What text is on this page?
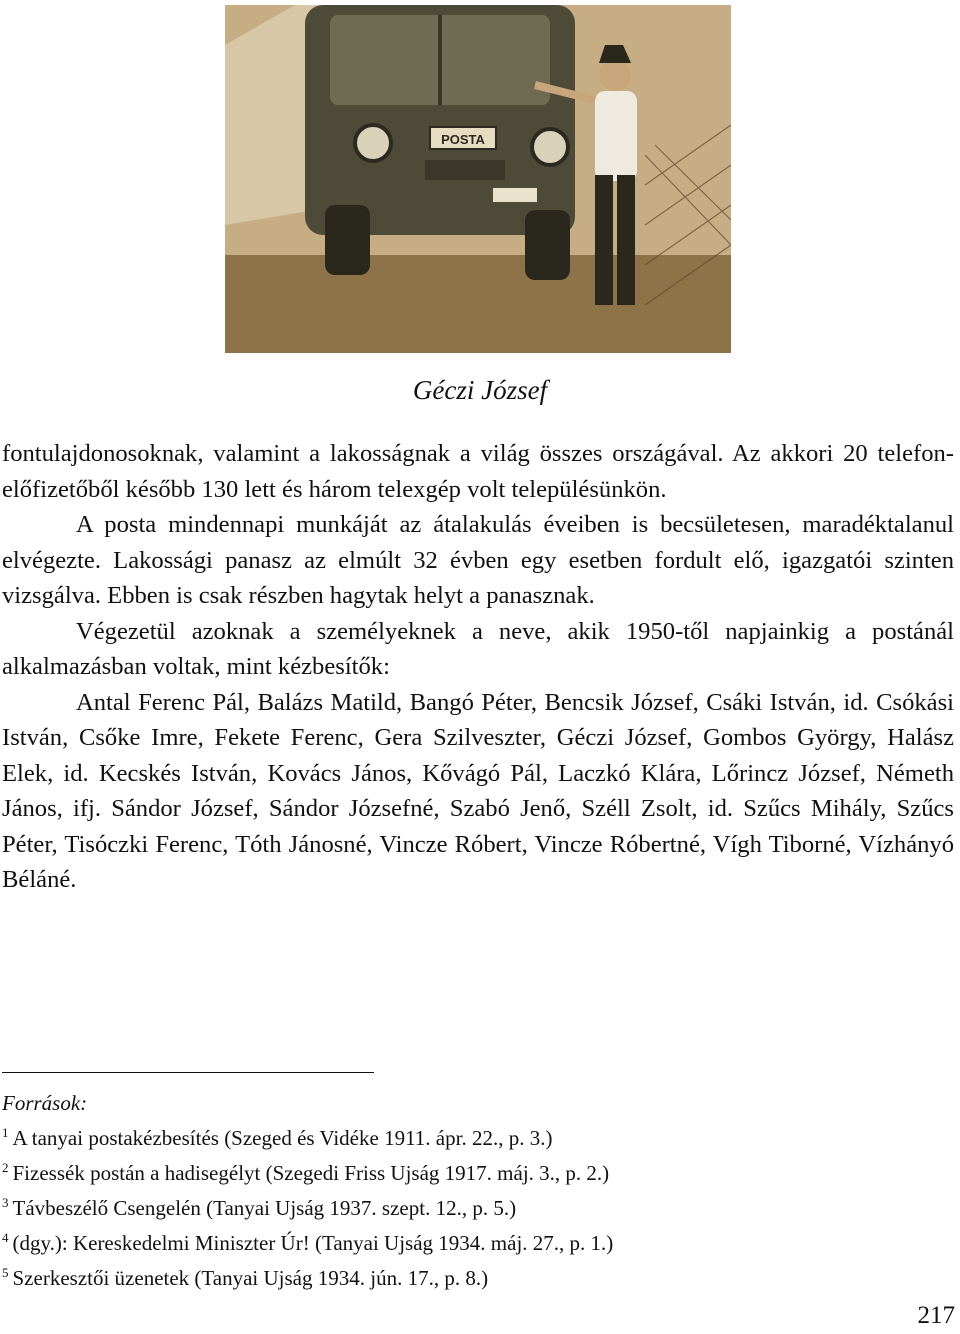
POSTA
Géczi József

fontulajdonosoknak, valamint a lakosságnak a világ összes országával. Az akkori 20 telefon-előfizetőből később 130 lett és három telexgép volt településünkön.

A posta mindennapi munkáját az átalakulás éveiben is becsületesen, maradéktalanul elvégezte. Lakossági panasz az elmúlt 32 évben egy esetben fordult elő, igazgatói szinten vizsgálva. Ebben is csak részben hagytak helyt a panasznak.

Végezetül azoknak a személyeknek a neve, akik 1950-től napjainkig a postánál alkalmazásban voltak, mint kézbesítők:

Antal Ferenc Pál, Balázs Matild, Bangó Péter, Bencsik József, Csáki István, id. Csókási István, Csőke Imre, Fekete Ferenc, Gera Szilveszter, Géczi József, Gombos György, Halász Elek, id. Kecskés István, Kovács János, Kővágó Pál, Laczkó Klára, Lőrincz József, Németh János, ifj. Sándor József, Sándor Józsefné, Szabó Jenő, Széll Zsolt, id. Szűcs Mihály, Szűcs Péter, Tisóczki Ferenc, Tóth Jánosné, Vincze Róbert, Vincze Róbertné, Vígh Tiborné, Vízhányó Béláné.

Források:
$^1$ A tanyai postakézbesítés (Szeged és Vidéke 1911. ápr. 22., p. 3.)
$^2$ Fizessék postán a hadisegélyt (Szegedi Friss Ujság 1917. máj. 3., p. 2.)
$^3$ Távbeszélő Csengelén (Tanyai Ujság 1937. szept. 12., p. 5.)
$^4$ (dgy.): Kereskedelmi Miniszter Úr! (Tanyai Ujság 1934. máj. 27., p. 1.)
$^5$ Szerkesztői üzenetek (Tanyai Ujság 1934. jún. 17., p. 8.)
217
